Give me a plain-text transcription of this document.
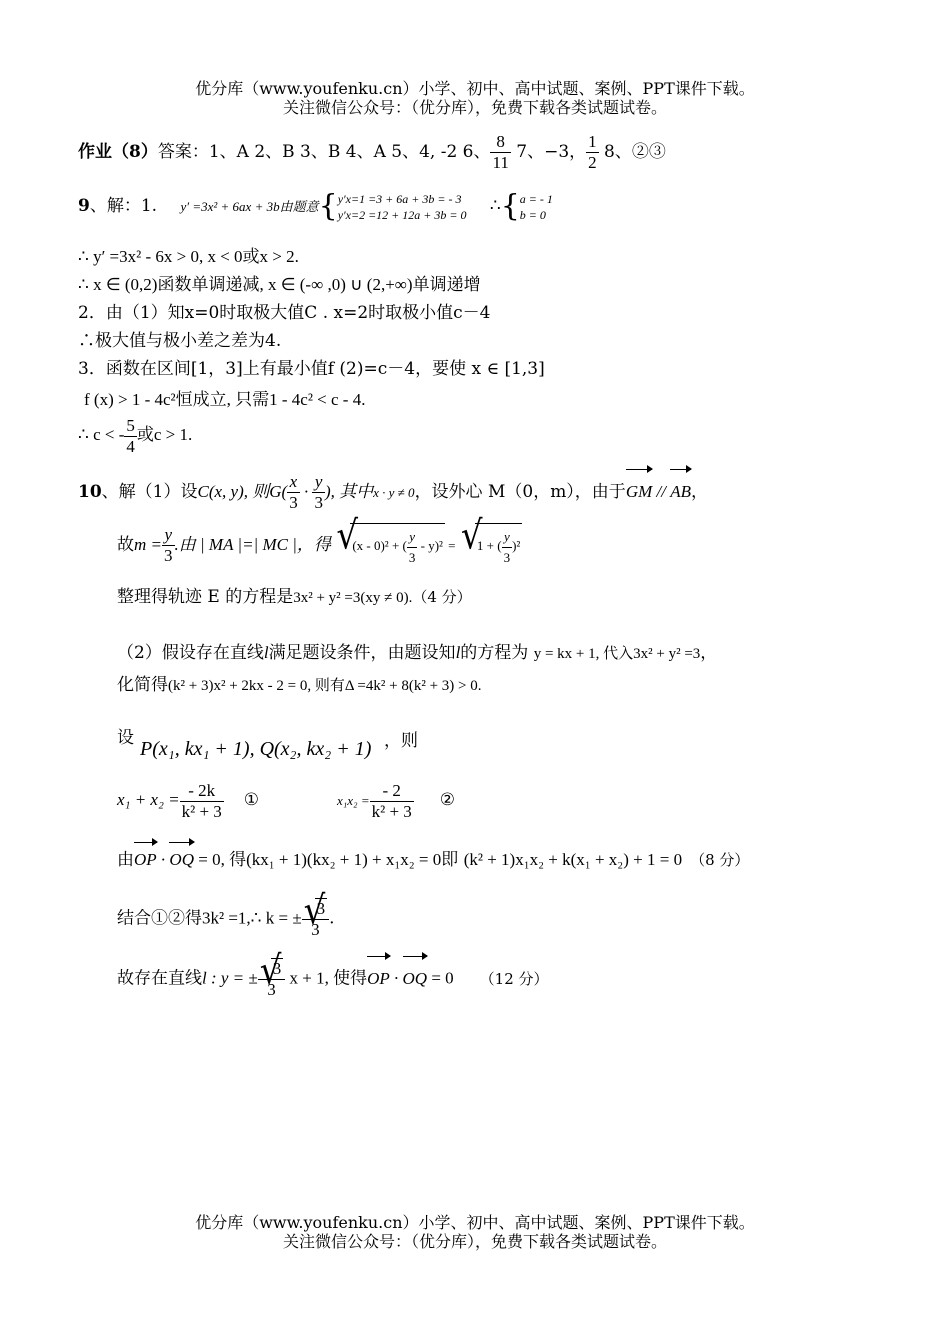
优分库（www.youfenku.cn）小学、初中、高中试题、案例、PPT课件下载。
关注微信公众号：（优分库），免费下载各类试题试卷。
作业（8）答案：1、A 2、B 3、B 4、A 5、4, -2 6、 $\frac{8}{11} 7$、−3， $\frac{1}{2} 8$、②③
9、解：1. y′ =3x² + 6ax + 3b由题意{ y′x=1 =3 + 6a + 3b = - 3
y′x=2 =12 + 12a + 3b = 0 ∴{ a = - 1
b = 0
∴ y′ =3x² - 6x > 0, x < 0或x > 2.
∴ x ∈ (0,2)函数单调递减, x ∈ (-∞ ,0) ∪ (2,+∞)单调递增
2．由（1）知x=0时取极大值C . x=2时取极小值c－4
∴极大值与极小差之差为4.
3．函数在区间[1，3]上有最小值f (2)=c－4，要使 x ∈ [1,3]
f (x) > 1 - 4c²恒成立, 只需1 - 4c² < c - 4.
∴ c < - $\frac{5}{4}$ 或c > 1.
10、解（1）设C(x, y), 则$G( \frac{x}{3} \cdot \frac{y}{3}$ ), 其中x · y ≠ 0，设外心 M（0，m），由于GM // AB，
故$m = \frac{y}{3}$ .由 | MA |=| MC |，得 √ (x - 0)² + ( $\frac{y}{3} - y)^2$ = √ 1 + ( $\frac{y}{3} )^2$
整理得轨迹 E 的方程是3x² + y² =3(xy ≠ 0).（4 分）
（2）假设存在直线l满足题设条件，由题设知l的方程为 y = kx + 1, 代入3x² + y² =3，
化简得(k² + 3)x² + 2kx - 2 = 0, 则有Δ =4k² + 8(k² + 3) > 0.
设 P(x₁, kx₁ + 1), Q(x₂, kx₂ + 1) ，则
$x_1 + x_2 = \frac{- 2k}{\text{k² + 3}}$ ①	$x_1x_2 = \frac{- 2}{\text{k² + 3}}$ ②
由OP · OQ = 0, 得(kx₁ + 1)(kx₂ + 1) + x₁x₂ = 0即 (k² + 1)x₁x₂ + k(x₁ + x₂) + 1 = 0 （8 分）
结合①②得3k² =1,∴ k = ± √ $\frac{3}{3}$ .
故存在直线l : y = ± √ $\frac{3}{3}$ x + 1, 使得OP · OQ = 0 （12 分）
优分库（www.youfenku.cn）小学、初中、高中试题、案例、PPT课件下载。
关注微信公众号：（优分库），免费下载各类试题试卷。
